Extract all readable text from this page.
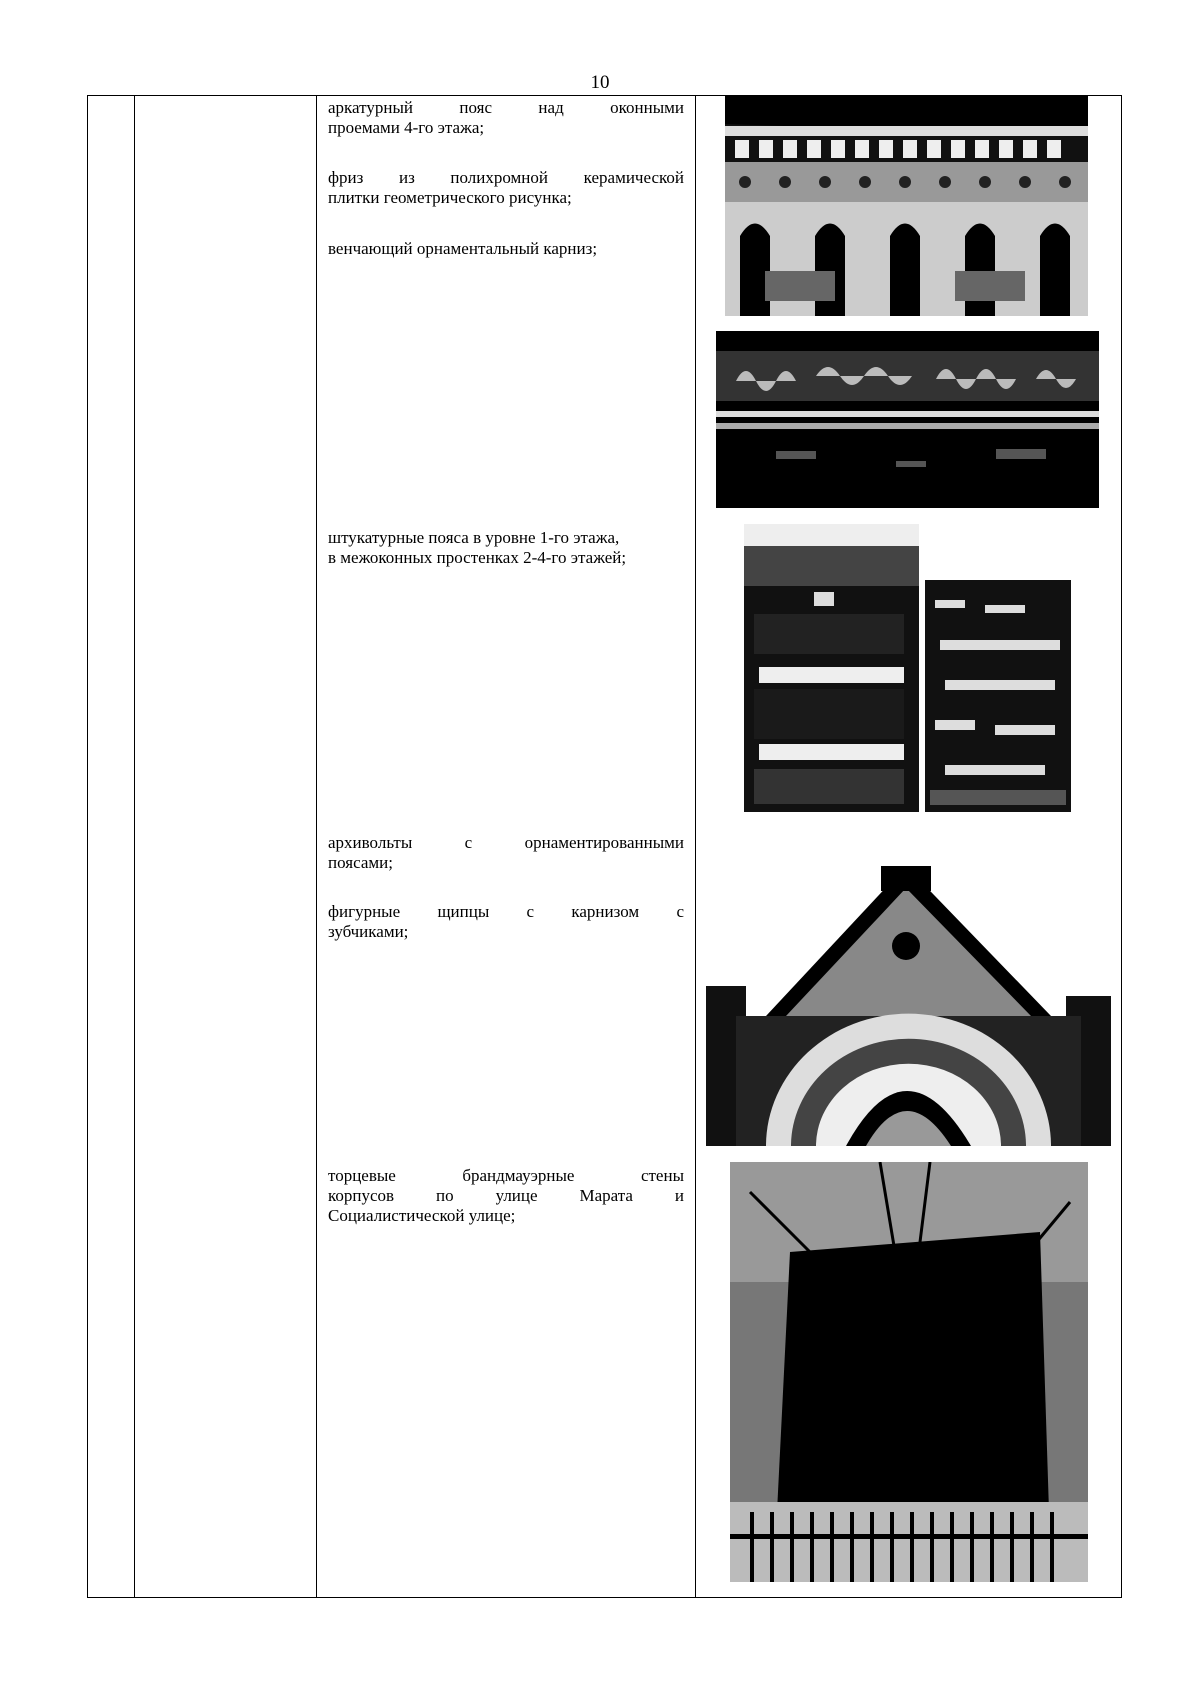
10
аркатурный пояс над оконными
проемами 4-го этажа;
фриз из полихромной керамической
плитки геометрического рисунка;
венчающий орнаментальный карниз;
штукатурные пояса в уровне 1-го этажа,
в межоконных простенках 2-4-го этажей;
архивольты с орнаментированными
поясами;
фигурные щипцы с карнизом с
зубчиками;
торцевые брандмауэрные стены
корпусов по улице Марата и
Социалистической улице;
